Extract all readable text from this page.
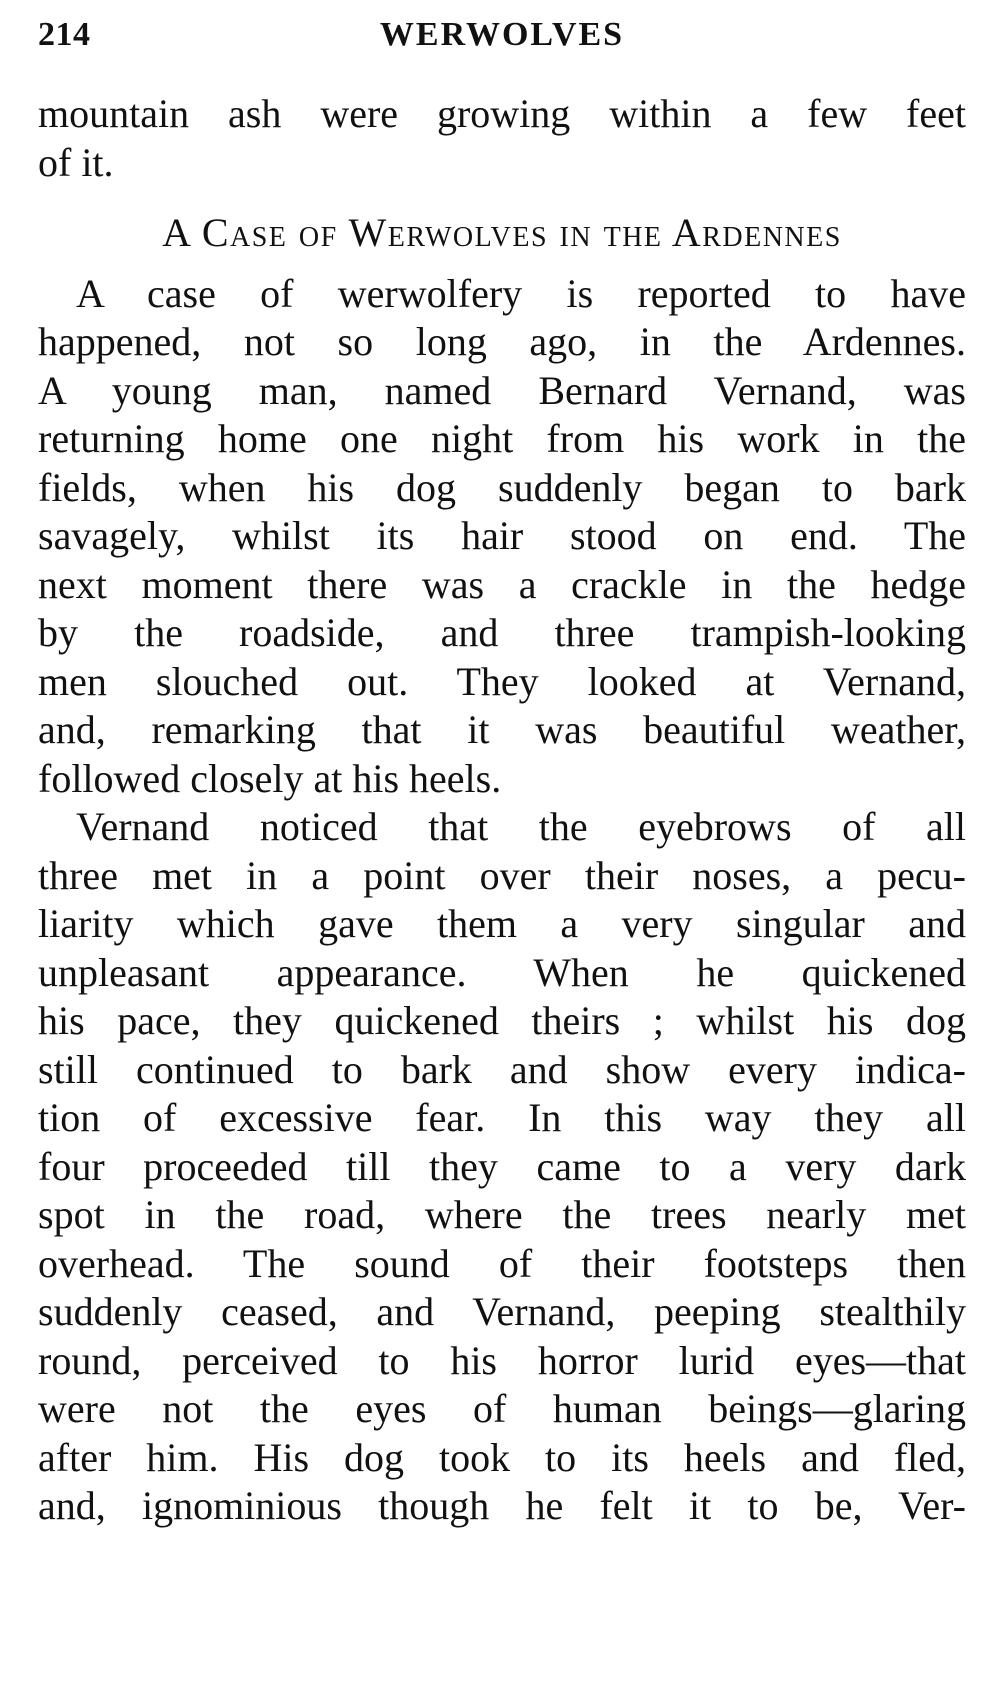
214	WERWOLVES
mountain ash were growing within a few feet
of it.
A Case of Werwolves in the Ardennes
A case of werwolfery is reported to have
happened, not so long ago, in the Ardennes.
A young man, named Bernard Vernand, was
returning home one night from his work in the
fields, when his dog suddenly began to bark
savagely, whilst its hair stood on end. The
next moment there was a crackle in the hedge
by the roadside, and three trampish-looking
men slouched out. They looked at Vernand,
and, remarking that it was beautiful weather,
followed closely at his heels.
Vernand noticed that the eyebrows of all
three met in a point over their noses, a pecu-
liarity which gave them a very singular and
unpleasant appearance. When he quickened
his pace, they quickened theirs ; whilst his dog
still continued to bark and show every indica-
tion of excessive fear. In this way they all
four proceeded till they came to a very dark
spot in the road, where the trees nearly met
overhead. The sound of their footsteps then
suddenly ceased, and Vernand, peeping stealthily
round, perceived to his horror lurid eyes—that
were not the eyes of human beings—glaring
after him. His dog took to its heels and fled,
and, ignominious though he felt it to be, Ver-
